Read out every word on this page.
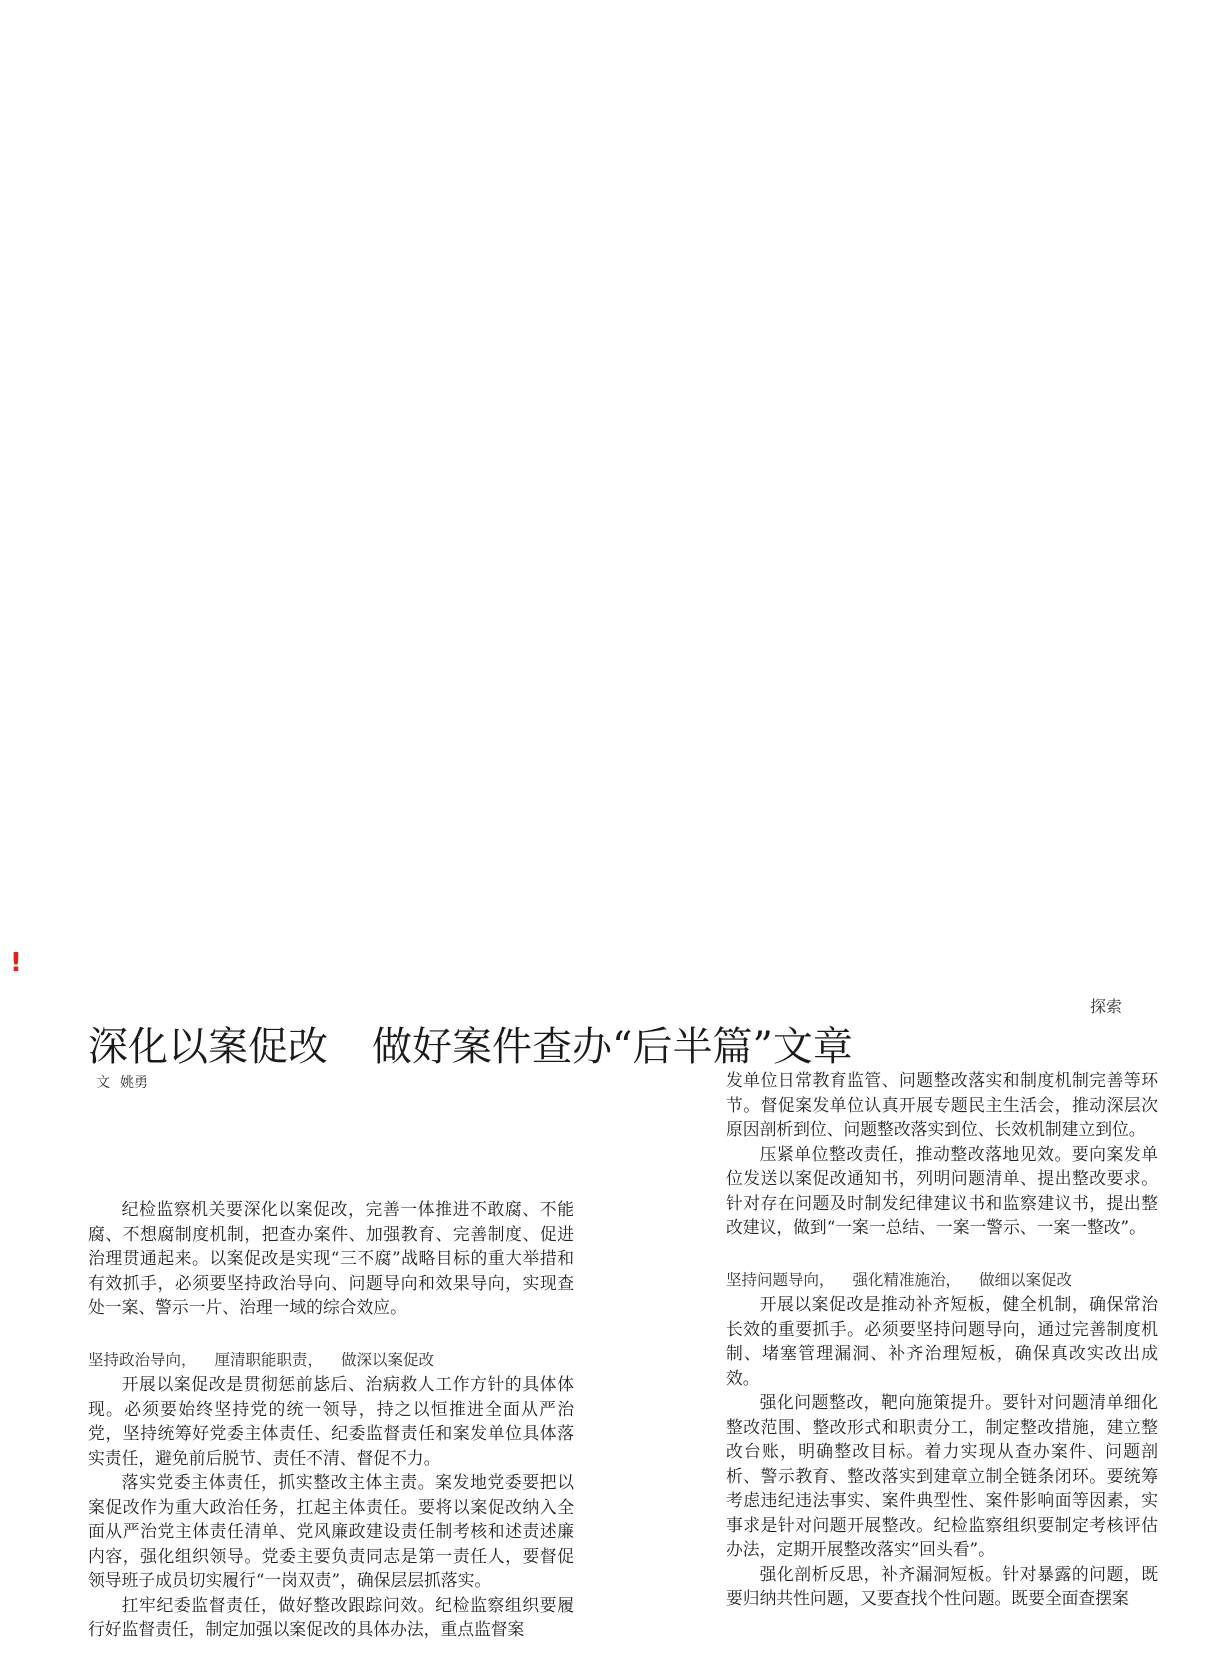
!
探索
深化以案促改 做好案件查办“后半篇”文章
文 姚勇

纪检监察机关要深化以案促改，完善一体推进不敢腐、不能腐、不想腐制度机制，把查办案件、加强教育、完善制度、促进治理贯通起来。以案促改是实现“三不腐”战略目标的重大举措和有效抓手，必须要坚持政治导向、问题导向和效果导向，实现查处一案、警示一片、治理一域的综合效应。

坚持政治导向， 厘清职能职责， 做深以案促改

开展以案促改是贯彻惩前毖后、治病救人工作方针的具体体现。必须要始终坚持党的统一领导，持之以恒推进全面从严治党，坚持统筹好党委主体责任、纪委监督责任和案发单位具体落实责任，避免前后脱节、责任不清、督促不力。

落实党委主体责任，抓实整改主体主责。案发地党委要把以案促改作为重大政治任务，扛起主体责任。要将以案促改纳入全面从严治党主体责任清单、党风廉政建设责任制考核和述责述廉内容，强化组织领导。党委主要负责同志是第一责任人，要督促领导班子成员切实履行“一岗双责”，确保层层抓落实。

扛牢纪委监督责任，做好整改跟踪问效。纪检监察组织要履行好监督责任，制定加强以案促改的具体办法，重点监督案

发单位日常教育监管、问题整改落实和制度机制完善等环节。督促案发单位认真开展专题民主生活会，推动深层次原因剖析到位、问题整改落实到位、长效机制建立到位。

压紧单位整改责任，推动整改落地见效。要向案发单位发送以案促改通知书，列明问题清单、提出整改要求。针对存在问题及时制发纪律建议书和监察建议书，提出整改建议，做到“一案一总结、一案一警示、一案一整改”。

坚持问题导向， 强化精准施治， 做细以案促改

开展以案促改是推动补齐短板，健全机制，确保常治长效的重要抓手。必须要坚持问题导向，通过完善制度机制、堵塞管理漏洞、补齐治理短板，确保真改实改出成效。

强化问题整改，靶向施策提升。要针对问题清单细化整改范围、整改形式和职责分工，制定整改措施，建立整改台账，明确整改目标。着力实现从查办案件、问题剖析、警示教育、整改落实到建章立制全链条闭环。要统筹考虑违纪违法事实、案件典型性、案件影响面等因素，实事求是针对问题开展整改。纪检监察组织要制定考核评估办法，定期开展整改落实“回头看”。

强化剖析反思，补齐漏洞短板。针对暴露的问题，既要归纳共性问题，又要查找个性问题。既要全面查摆案
